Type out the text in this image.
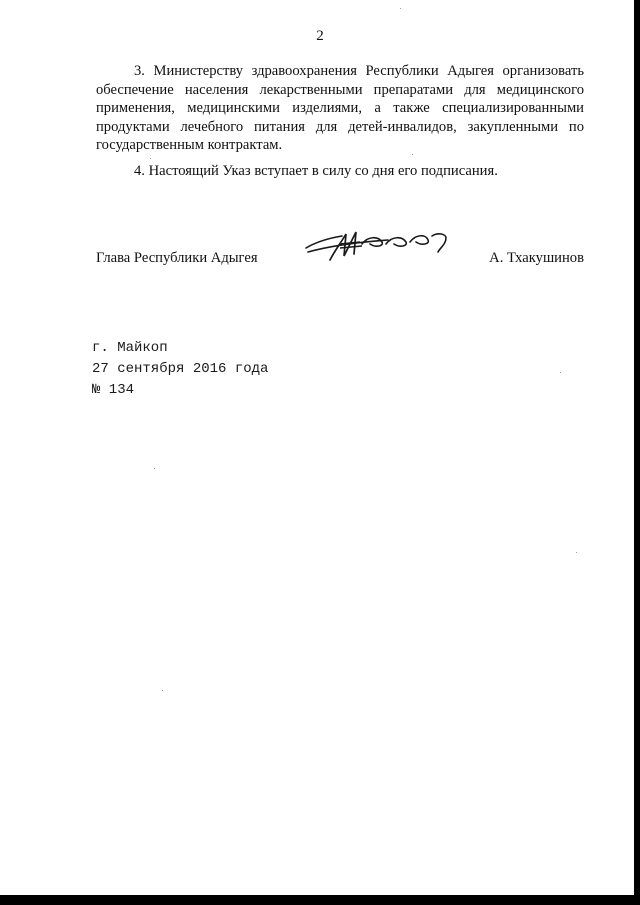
2

3. Министерству здравоохранения Республики Адыгея организовать обеспечение населения лекарственными препаратами для медицинского применения, медицинскими изделиями, а также специализированными продуктами лечебного питания для детей-инвалидов, закупленными по государственным контрактам.

4. Настоящий Указ вступает в силу со дня его подписания.

Глава Республики Адыгея	А. Тхакушинов
г. Майкоп
27 сентября 2016 года
№ 134
